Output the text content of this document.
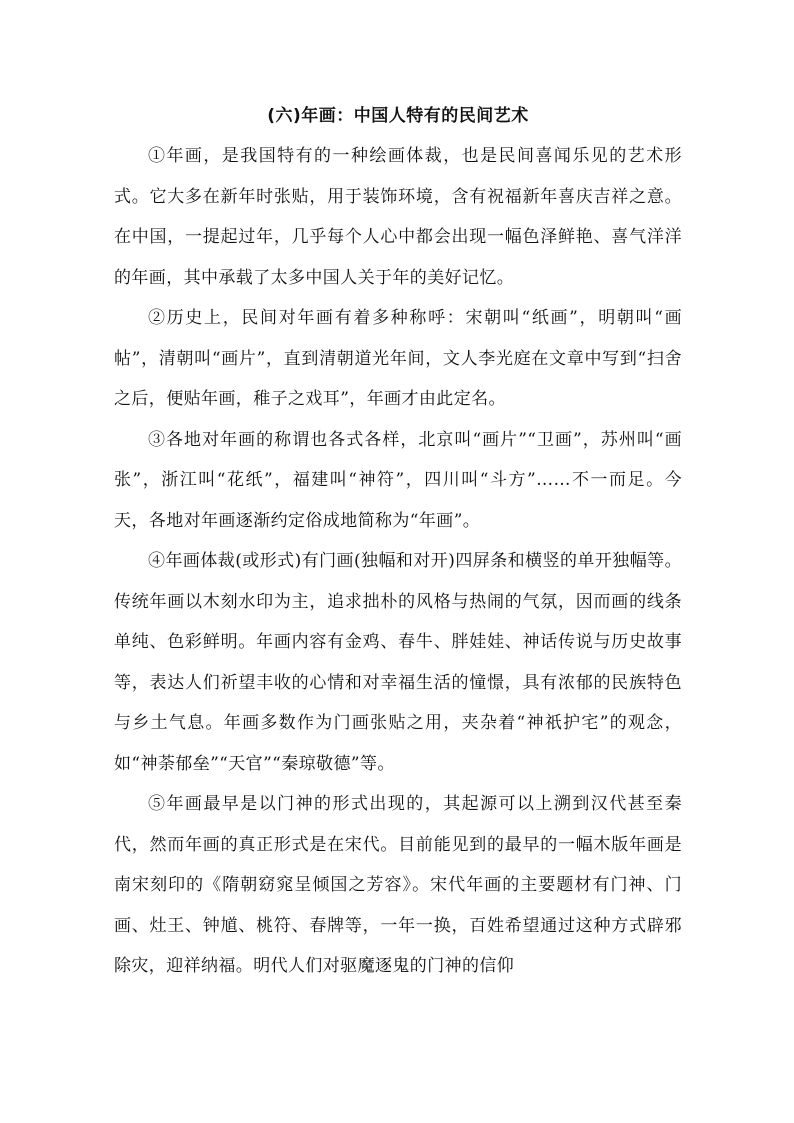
(六)年画：中国人特有的民间艺术

①年画，是我国特有的一种绘画体裁，也是民间喜闻乐见的艺术形式。它大多在新年时张贴，用于装饰环境，含有祝福新年喜庆吉祥之意。在中国，一提起过年，几乎每个人心中都会出现一幅色泽鲜艳、喜气洋洋的年画，其中承载了太多中国人关于年的美好记忆。

②历史上，民间对年画有着多种称呼：宋朝叫“纸画”，明朝叫“画帖”，清朝叫“画片”，直到清朝道光年间，文人李光庭在文章中写到“扫舍之后，便贴年画，稚子之戏耳”，年画才由此定名。

③各地对年画的称谓也各式各样，北京叫“画片”“卫画”，苏州叫“画张”，浙江叫“花纸”，福建叫“神符”，四川叫“斗方”……不一而足。今天，各地对年画逐渐约定俗成地简称为“年画”。

④年画体裁(或形式)有门画(独幅和对开)四屏条和横竖的单开独幅等。传统年画以木刻水印为主，追求拙朴的风格与热闹的气氛，因而画的线条单纯、色彩鲜明。年画内容有金鸡、春牛、胖娃娃、神话传说与历史故事等，表达人们祈望丰收的心情和对幸福生活的憧憬，具有浓郁的民族特色与乡土气息。年画多数作为门画张贴之用，夹杂着“神祇护宅”的观念，如“神荼郁垒”“天官”“秦琼敬德”等。

⑤年画最早是以门神的形式出现的，其起源可以上溯到汉代甚至秦代，然而年画的真正形式是在宋代。目前能见到的最早的一幅木版年画是南宋刻印的《隋朝窈窕呈倾国之芳容》。宋代年画的主要题材有门神、门画、灶王、钟馗、桃符、春牌等，一年一换，百姓希望通过这种方式辟邪除灾，迎祥纳福。明代人们对驱魔逐鬼的门神的信仰
